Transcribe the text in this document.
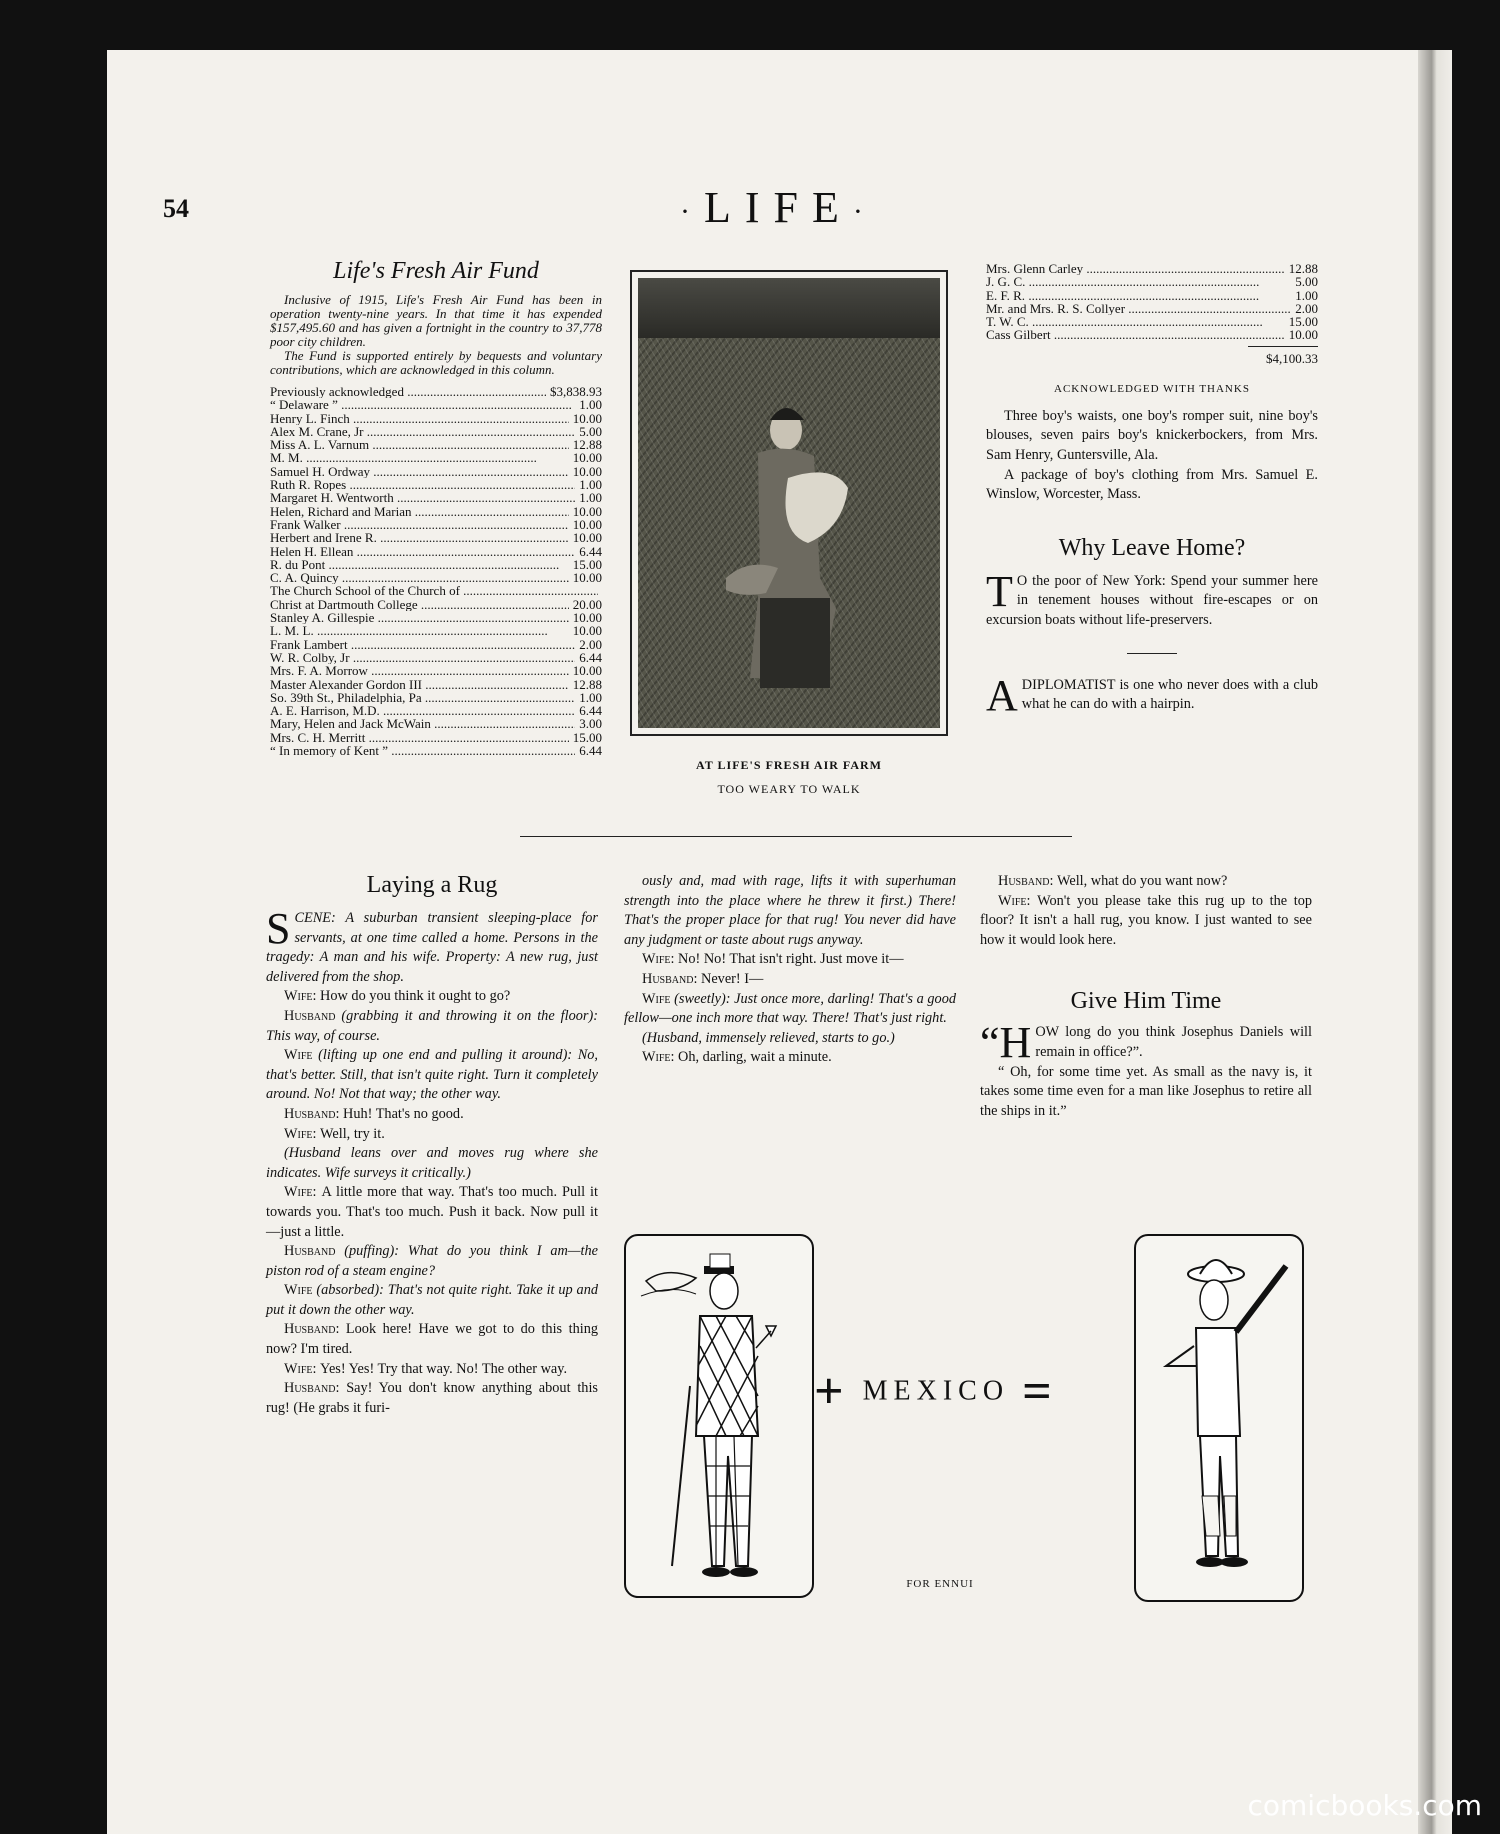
54	·LIFE·
Life's Fresh Air Fund

Inclusive of 1915, Life's Fresh Air Fund has been in operation twenty-nine years. In that time it has expended $157,495.60 and has given a fortnight in the country to 37,778 poor city children.

The Fund is supported entirely by bequests and voluntary contributions, which are acknowledged in this column.

Previously acknowledged .....	$3,838.93
“ Delaware ” .....	1.00
Henry L. Finch .....	10.00
Alex M. Crane, Jr .....	5.00
Miss A. L. Varnum .....	12.88
M. M. .....	10.00
Samuel H. Ordway .....	10.00
Ruth R. Ropes .....	1.00
Margaret H. Wentworth .....	1.00
Helen, Richard and Marian .....	10.00
Frank Walker .....	10.00
Herbert and Irene R. .....	10.00
Helen H. Ellean .....	6.44
R. du Pont .....	15.00
C. A. Quincy .....	10.00
The Church School of the Church of .....
Christ at Dartmouth College .....	20.00
Stanley A. Gillespie .....	10.00
L. M. L. .....	10.00
Frank Lambert .....	2.00
W. R. Colby, Jr .....	6.44
Mrs. F. A. Morrow .....	10.00
Master Alexander Gordon III .....	12.88
So. 39th St., Philadelphia, Pa .....	1.00
A. E. Harrison, M.D. .....	6.44
Mary, Helen and Jack McWain .....	3.00
Mrs. C. H. Merritt .....	15.00
“ In memory of Kent ” .....	6.44
AT LIFE'S FRESH AIR FARM
TOO WEARY TO WALK
Mrs. Glenn Carley .....	12.88
J. G. C. .....	5.00
E. F. R. .....	1.00
Mr. and Mrs. R. S. Collyer .....	2.00
T. W. C. .....	15.00
Cass Gilbert .....	10.00
$4,100.33
ACKNOWLEDGED WITH THANKS

Three boy's waists, one boy's romper suit, nine boy's blouses, seven pairs boy's knickerbockers, from Mrs. Sam Henry, Guntersville, Ala.

A package of boy's clothing from Mrs. Samuel E. Winslow, Worcester, Mass.

Why Leave Home?
T O the poor of New York: Spend your summer here in tenement houses without fire-escapes or on excursion boats without life-preservers.
A DIPLOMATIST is one who never does with a club what he can do with a hairpin.
Laying a Rug
SCENE: A suburban transient sleeping-place for servants, at one time called a home. Persons in the tragedy: A man and his wife. Property: A new rug, just delivered from the shop.

Wife: How do you think it ought to go?

Husband (grabbing it and throwing it on the floor): This way, of course.

Wife (lifting up one end and pulling it around): No, that's better. Still, that isn't quite right. Turn it completely around. No! Not that way; the other way.

Husband: Huh! That's no good.

Wife: Well, try it.

(Husband leans over and moves rug where she indicates. Wife surveys it critically.)

Wife: A little more that way. That's too much. Pull it towards you. That's too much. Push it back. Now pull it—just a little.

Husband (puffing): What do you think I am—the piston rod of a steam engine?

Wife (absorbed): That's not quite right. Take it up and put it down the other way.

Husband: Look here! Have we got to do this thing now? I'm tired.

Wife: Yes! Yes! Try that way. No! The other way.

Husband: Say! You don't know anything about this rug! (He grabs it furi-

ously and, mad with rage, lifts it with superhuman strength into the place where he threw it first.) There! That's the proper place for that rug! You never did have any judgment or taste about rugs anyway.

Wife: No! No! That isn't right. Just move it—

Husband: Never! I—

Wife (sweetly): Just once more, darling! That's a good fellow—one inch more that way. There! That's just right.

(Husband, immensely relieved, starts to go.)

Wife: Oh, darling, wait a minute.

Husband: Well, what do you want now?

Wife: Won't you please take this rug up to the top floor? It isn't a hall rug, you know. I just wanted to see how it would look here.

Give Him Time
“HOW long do you think Josephus Daniels will remain in office?”.

“ Oh, for some time yet. As small as the navy is, it takes some time even for a man like Josephus to retire all the ships in it.”

+ MEXICO =
FOR ENNUI
comicbooks.com
